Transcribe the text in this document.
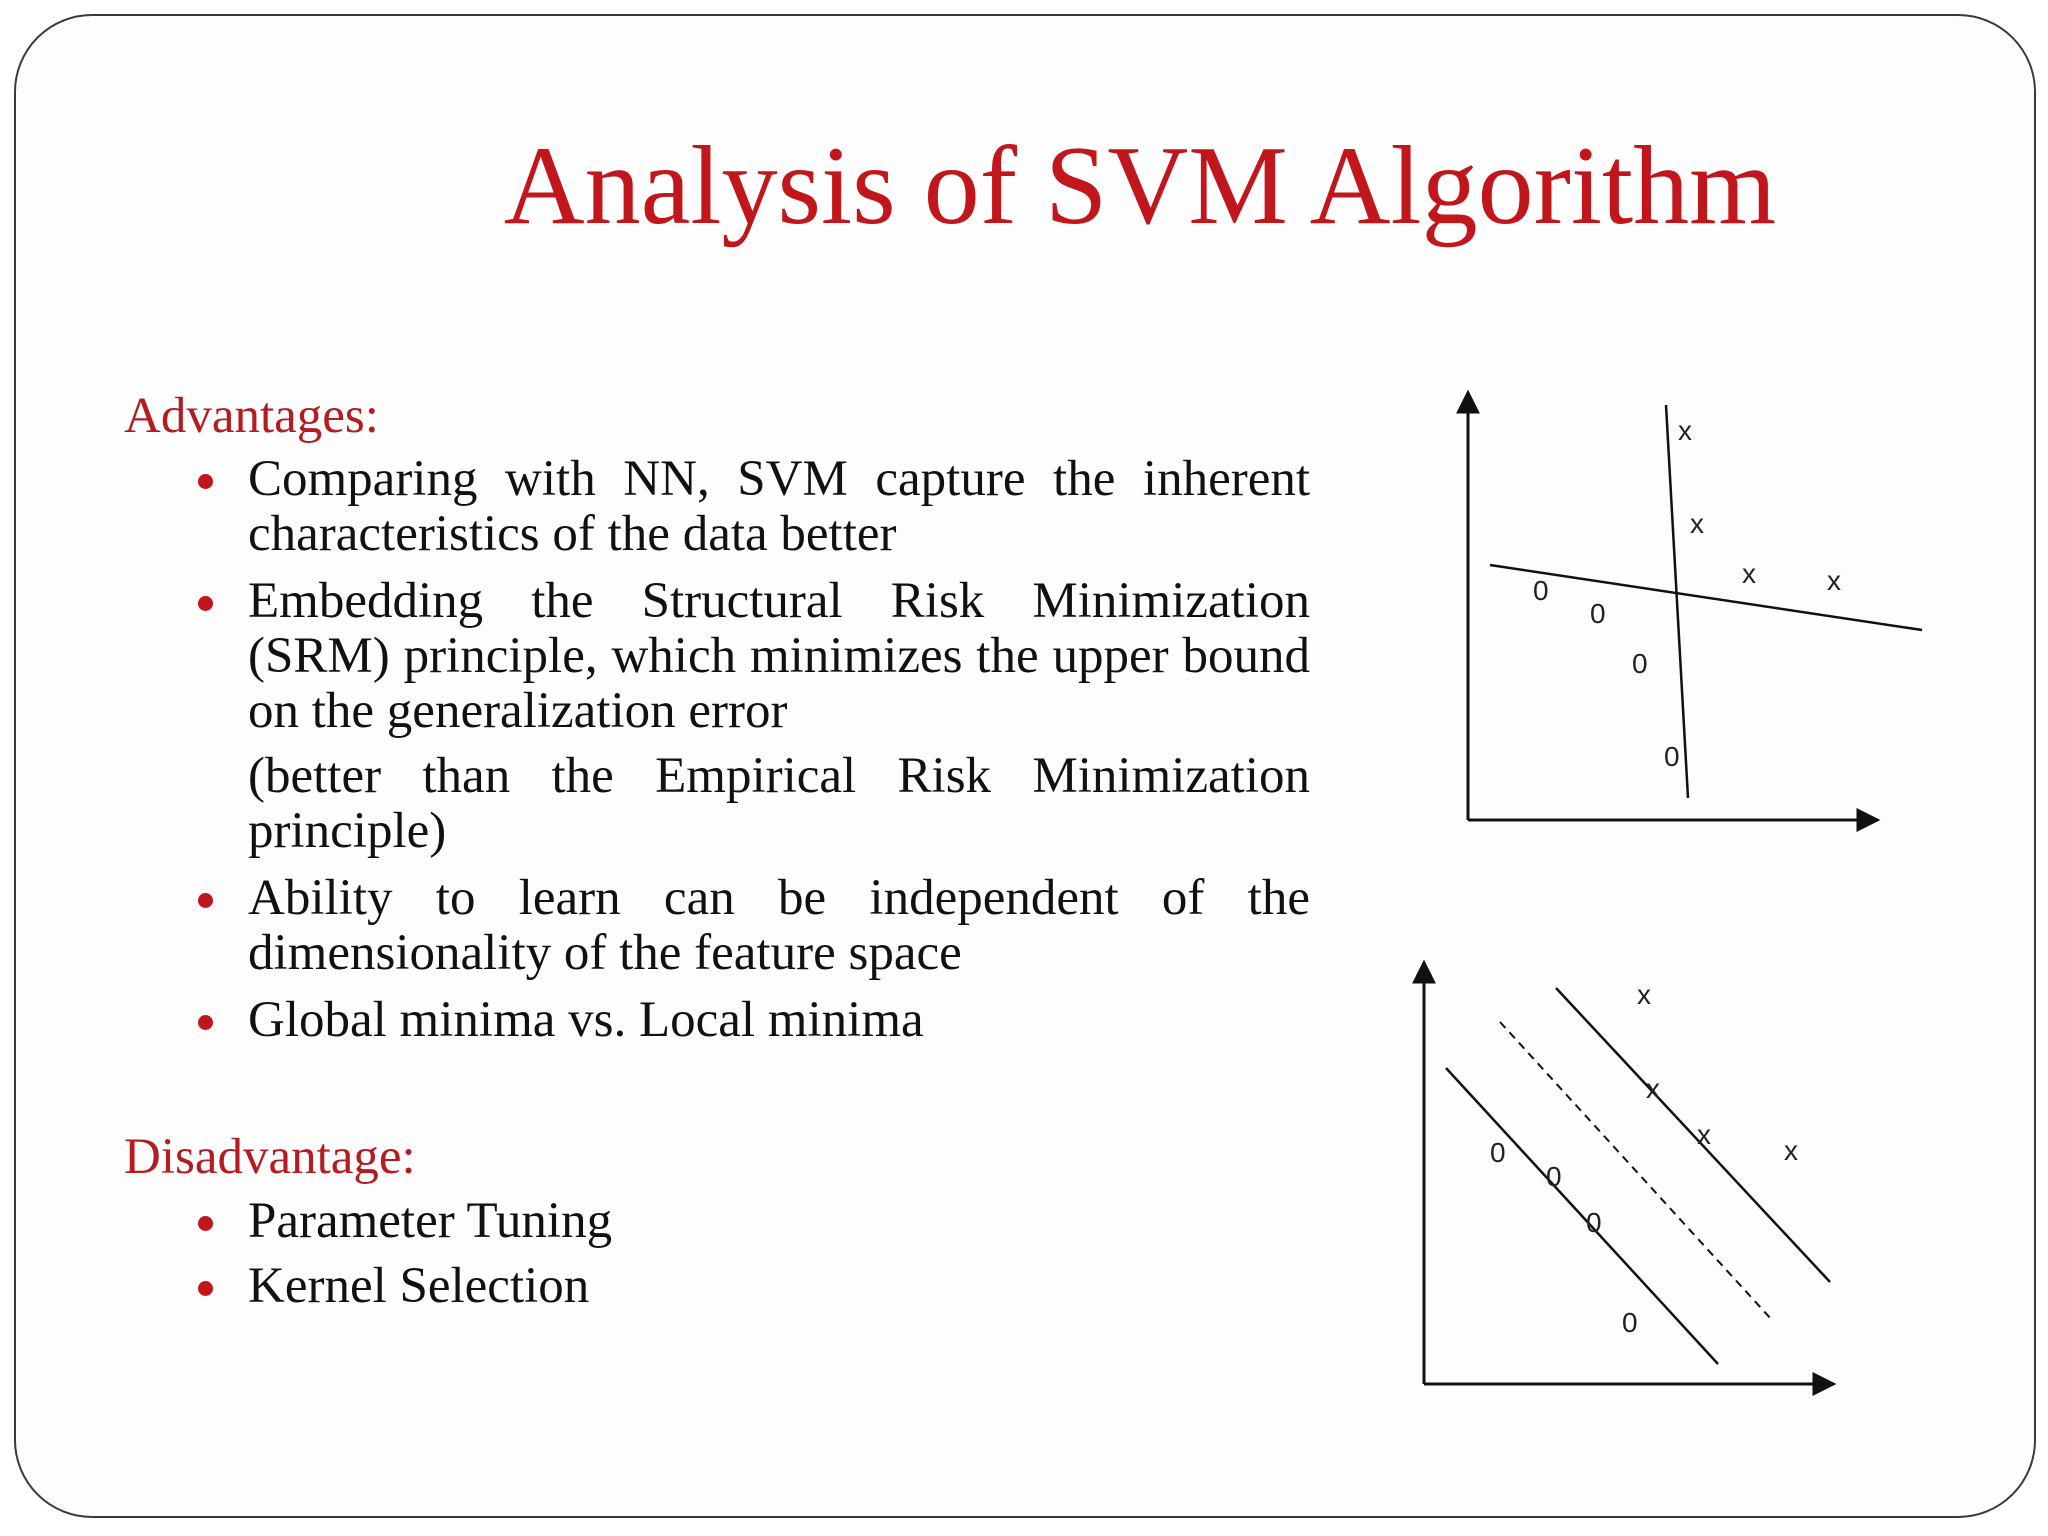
Analysis of SVM Algorithm
Advantages:
Comparing with NN, SVM capture the inherent characteristics of the data better
Embedding the Structural Risk Minimization (SRM) principle, which minimizes the upper bound on the generalization error
(better than the Empirical Risk Minimization principle)
Ability to learn can be independent of the dimensionality of the feature space
Global minima vs. Local minima
Disadvantage:
Parameter Tuning
Kernel Selection
x
x
x	x
0
0
0
0
x
x
x
x
0
0
0
0
